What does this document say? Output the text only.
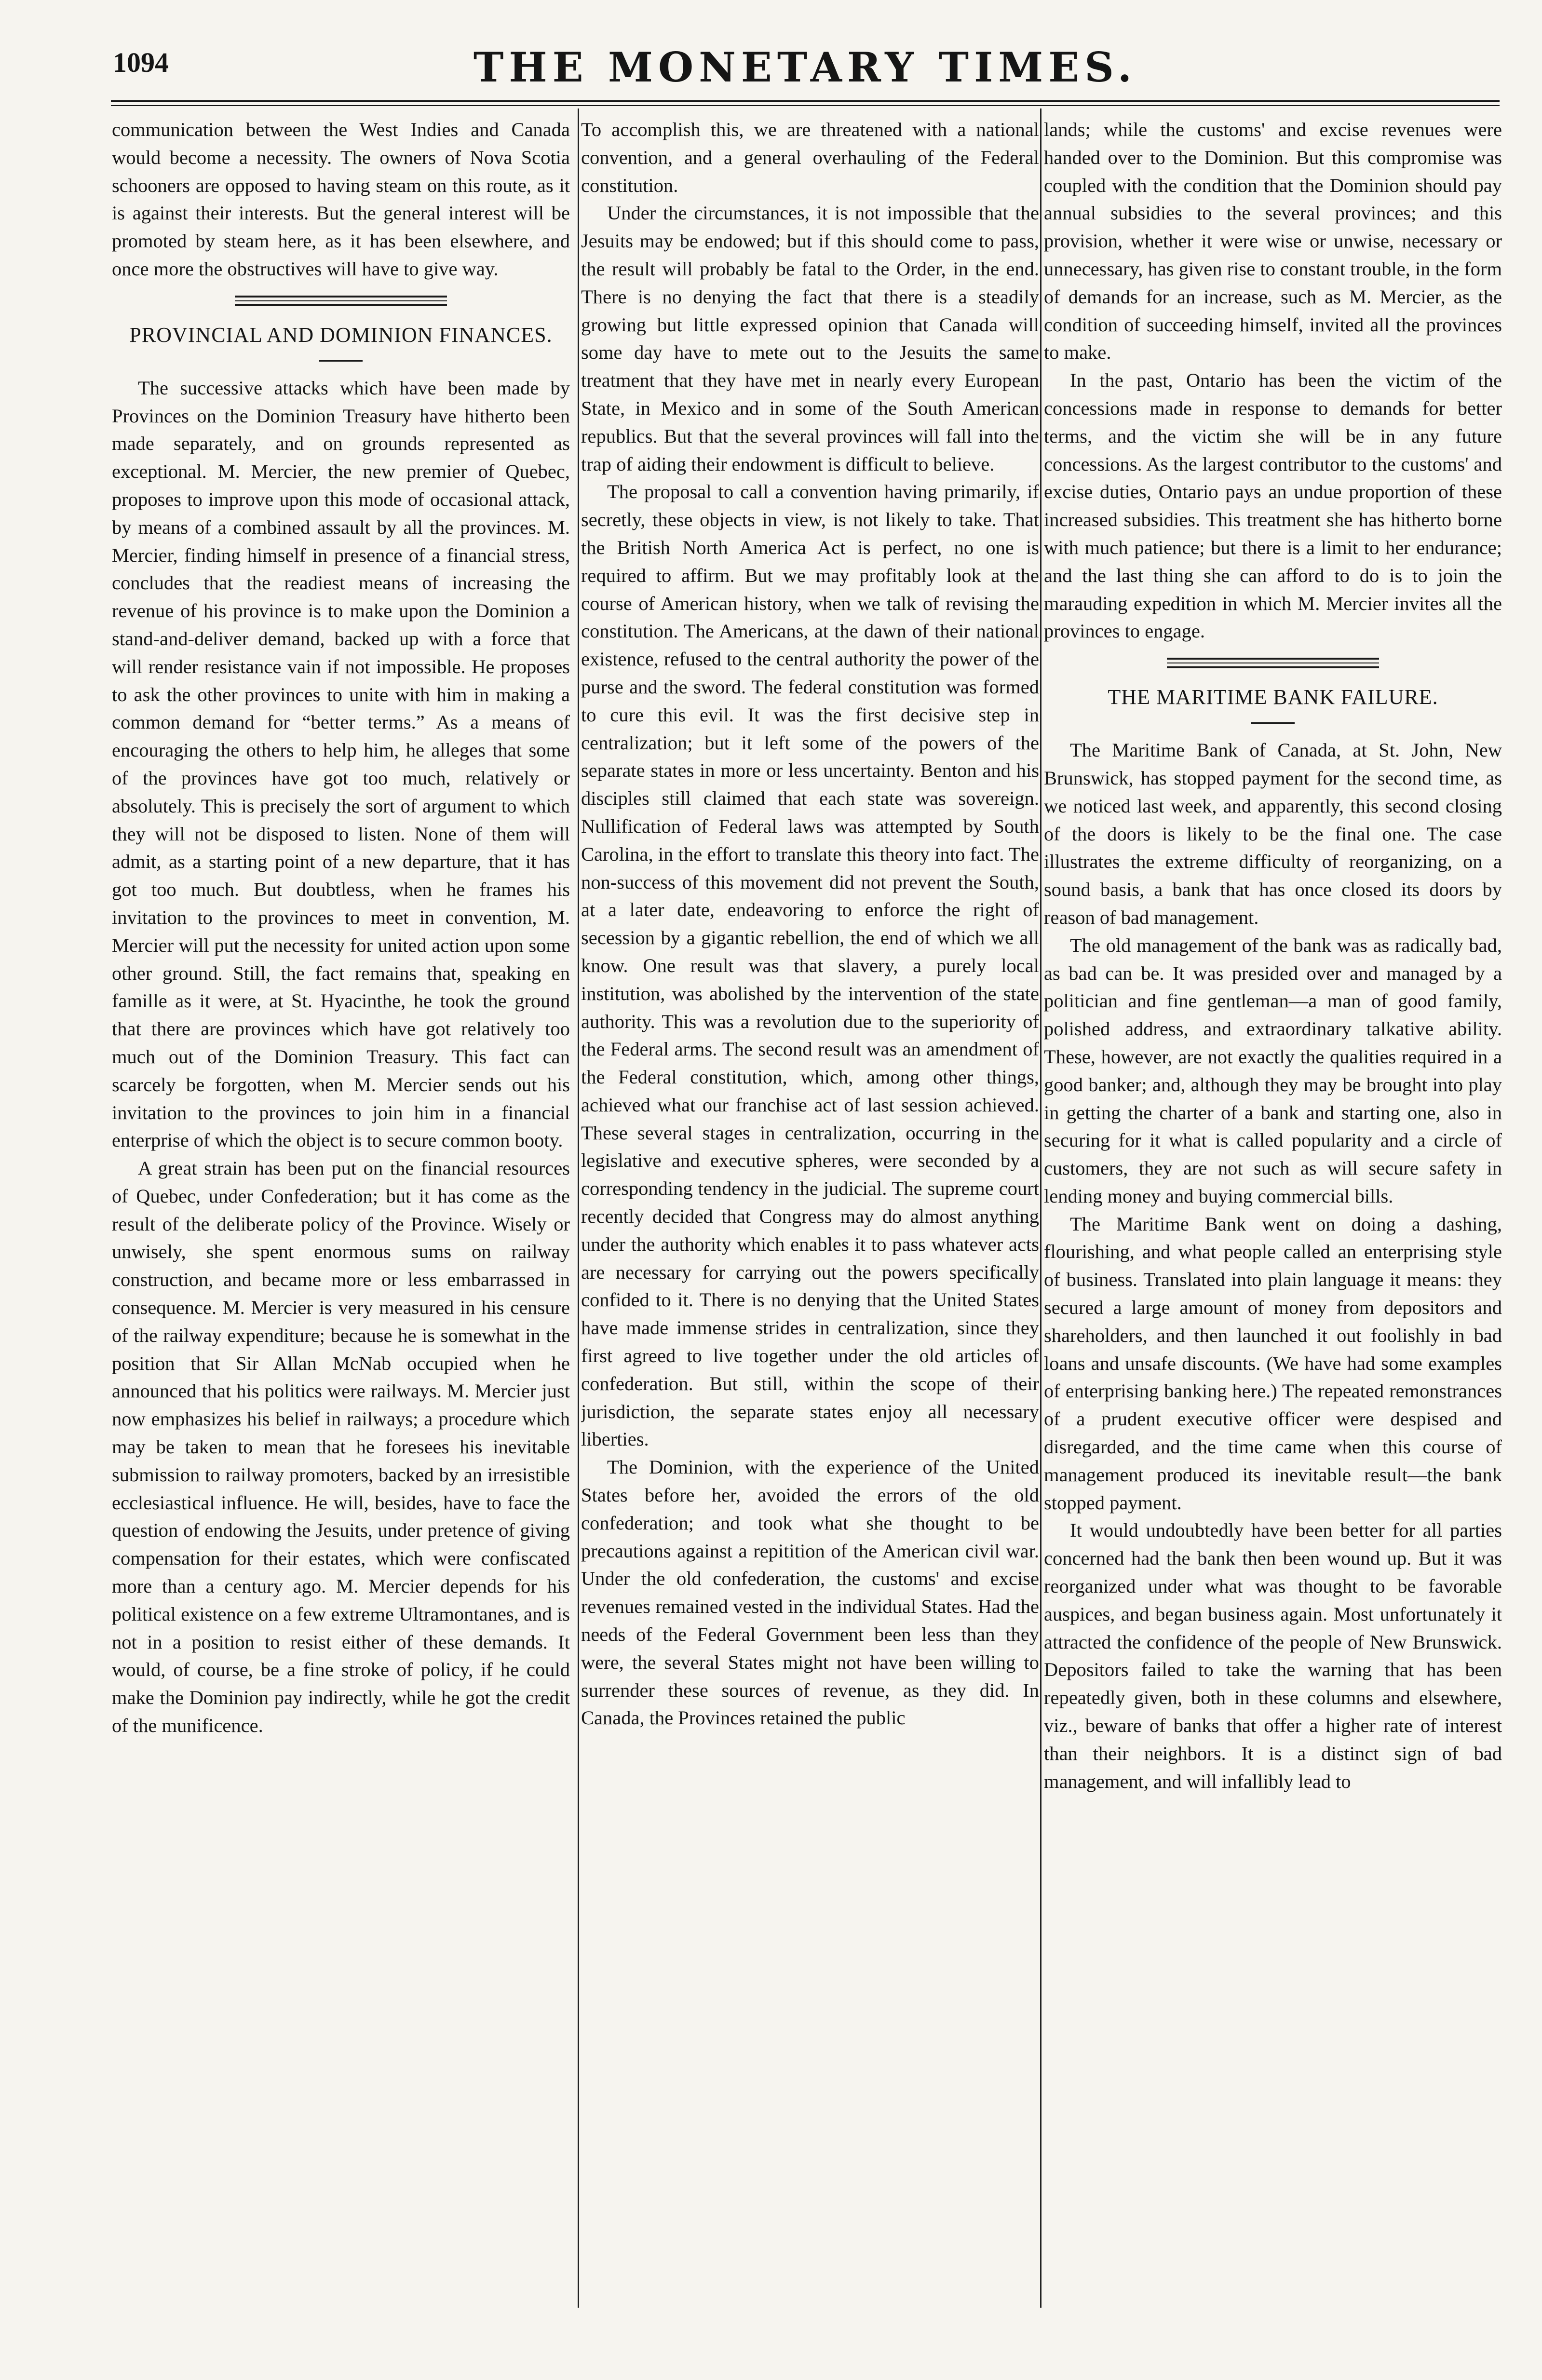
1094	THE MONETARY TIMES.

communication between the West Indies and Canada would become a necessity. The owners of Nova Scotia schooners are opposed to having steam on this route, as it is against their interests. But the general interest will be promoted by steam here, as it has been elsewhere, and once more the obstructives will have to give way.

PROVINCIAL AND DOMINION FINANCES.

The successive attacks which have been made by Provinces on the Dominion Treasury have hitherto been made separately, and on grounds represented as exceptional. M. Mercier, the new premier of Quebec, proposes to improve upon this mode of occasional attack, by means of a combined assault by all the provinces. M. Mercier, finding himself in presence of a financial stress, concludes that the readiest means of increasing the revenue of his province is to make upon the Dominion a stand-and-deliver demand, backed up with a force that will render resistance vain if not impossible. He proposes to ask the other provinces to unite with him in making a common demand for “better terms.” As a means of encouraging the others to help him, he alleges that some of the provinces have got too much, relatively or absolutely. This is precisely the sort of argument to which they will not be disposed to listen. None of them will admit, as a starting point of a new departure, that it has got too much. But doubtless, when he frames his invitation to the provinces to meet in convention, M. Mercier will put the necessity for united action upon some other ground. Still, the fact remains that, speaking en famille as it were, at St. Hyacinthe, he took the ground that there are provinces which have got relatively too much out of the Dominion Treasury. This fact can scarcely be forgotten, when M. Mercier sends out his invitation to the provinces to join him in a financial enterprise of which the object is to secure common booty.

A great strain has been put on the financial resources of Quebec, under Confederation; but it has come as the result of the deliberate policy of the Province. Wisely or unwisely, she spent enormous sums on railway construction, and became more or less embarrassed in consequence. M. Mercier is very measured in his censure of the railway expenditure; because he is somewhat in the position that Sir Allan McNab occupied when he announced that his politics were railways. M. Mercier just now emphasizes his belief in railways; a procedure which may be taken to mean that he foresees his inevitable submission to railway promoters, backed by an irresistible ecclesiastical influence. He will, besides, have to face the question of endowing the Jesuits, under pretence of giving compensation for their estates, which were confiscated more than a century ago. M. Mercier depends for his political existence on a few extreme Ultramontanes, and is not in a position to resist either of these demands. It would, of course, be a fine stroke of policy, if he could make the Dominion pay indirectly, while he got the credit of the munificence.

To accomplish this, we are threatened with a national convention, and a general overhauling of the Federal constitution.

Under the circumstances, it is not impossible that the Jesuits may be endowed; but if this should come to pass, the result will probably be fatal to the Order, in the end. There is no denying the fact that there is a steadily growing but little expressed opinion that Canada will some day have to mete out to the Jesuits the same treatment that they have met in nearly every European State, in Mexico and in some of the South American republics. But that the several provinces will fall into the trap of aiding their endowment is difficult to believe.

The proposal to call a convention having primarily, if secretly, these objects in view, is not likely to take. That the British North America Act is perfect, no one is required to affirm. But we may profitably look at the course of American history, when we talk of revising the constitution. The Americans, at the dawn of their national existence, refused to the central authority the power of the purse and the sword. The federal constitution was formed to cure this evil. It was the first decisive step in centralization; but it left some of the powers of the separate states in more or less uncertainty. Benton and his disciples still claimed that each state was sovereign. Nullification of Federal laws was attempted by South Carolina, in the effort to translate this theory into fact. The non-success of this movement did not prevent the South, at a later date, endeavoring to enforce the right of secession by a gigantic rebellion, the end of which we all know. One result was that slavery, a purely local institution, was abolished by the intervention of the state authority. This was a revolution due to the superiority of the Federal arms. The second result was an amendment of the Federal constitution, which, among other things, achieved what our franchise act of last session achieved. These several stages in centralization, occurring in the legislative and executive spheres, were seconded by a corresponding tendency in the judicial. The supreme court recently decided that Congress may do almost anything under the authority which enables it to pass whatever acts are necessary for carrying out the powers specifically confided to it. There is no denying that the United States have made immense strides in centralization, since they first agreed to live together under the old articles of confederation. But still, within the scope of their jurisdiction, the separate states enjoy all necessary liberties.

The Dominion, with the experience of the United States before her, avoided the errors of the old confederation; and took what she thought to be precautions against a repitition of the American civil war. Under the old confederation, the customs' and excise revenues remained vested in the individual States. Had the needs of the Federal Government been less than they were, the several States might not have been willing to surrender these sources of revenue, as they did. In Canada, the Provinces retained the public

lands; while the customs' and excise revenues were handed over to the Dominion. But this compromise was coupled with the condition that the Dominion should pay annual subsidies to the several provinces; and this provision, whether it were wise or unwise, necessary or unnecessary, has given rise to constant trouble, in the form of demands for an increase, such as M. Mercier, as the condition of succeeding himself, invited all the provinces to make.

In the past, Ontario has been the victim of the concessions made in response to demands for better terms, and the victim she will be in any future concessions. As the largest contributor to the customs' and excise duties, Ontario pays an undue proportion of these increased subsidies. This treatment she has hitherto borne with much patience; but there is a limit to her endurance; and the last thing she can afford to do is to join the marauding expedition in which M. Mercier invites all the provinces to engage.

THE MARITIME BANK FAILURE.

The Maritime Bank of Canada, at St. John, New Brunswick, has stopped payment for the second time, as we noticed last week, and apparently, this second closing of the doors is likely to be the final one. The case illustrates the extreme difficulty of reorganizing, on a sound basis, a bank that has once closed its doors by reason of bad management.

The old management of the bank was as radically bad, as bad can be. It was presided over and managed by a politician and fine gentleman—a man of good family, polished address, and extraordinary talkative ability. These, however, are not exactly the qualities required in a good banker; and, although they may be brought into play in getting the charter of a bank and starting one, also in securing for it what is called popularity and a circle of customers, they are not such as will secure safety in lending money and buying commercial bills.

The Maritime Bank went on doing a dashing, flourishing, and what people called an enterprising style of business. Translated into plain language it means: they secured a large amount of money from depositors and shareholders, and then launched it out foolishly in bad loans and unsafe discounts. (We have had some examples of enterprising banking here.) The repeated remonstrances of a prudent executive officer were despised and disregarded, and the time came when this course of management produced its inevitable result—the bank stopped payment.

It would undoubtedly have been better for all parties concerned had the bank then been wound up. But it was reorganized under what was thought to be favorable auspices, and began business again. Most unfortunately it attracted the confidence of the people of New Brunswick. Depositors failed to take the warning that has been repeatedly given, both in these columns and elsewhere, viz., beware of banks that offer a higher rate of interest than their neighbors. It is a distinct sign of bad management, and will infallibly lead to
